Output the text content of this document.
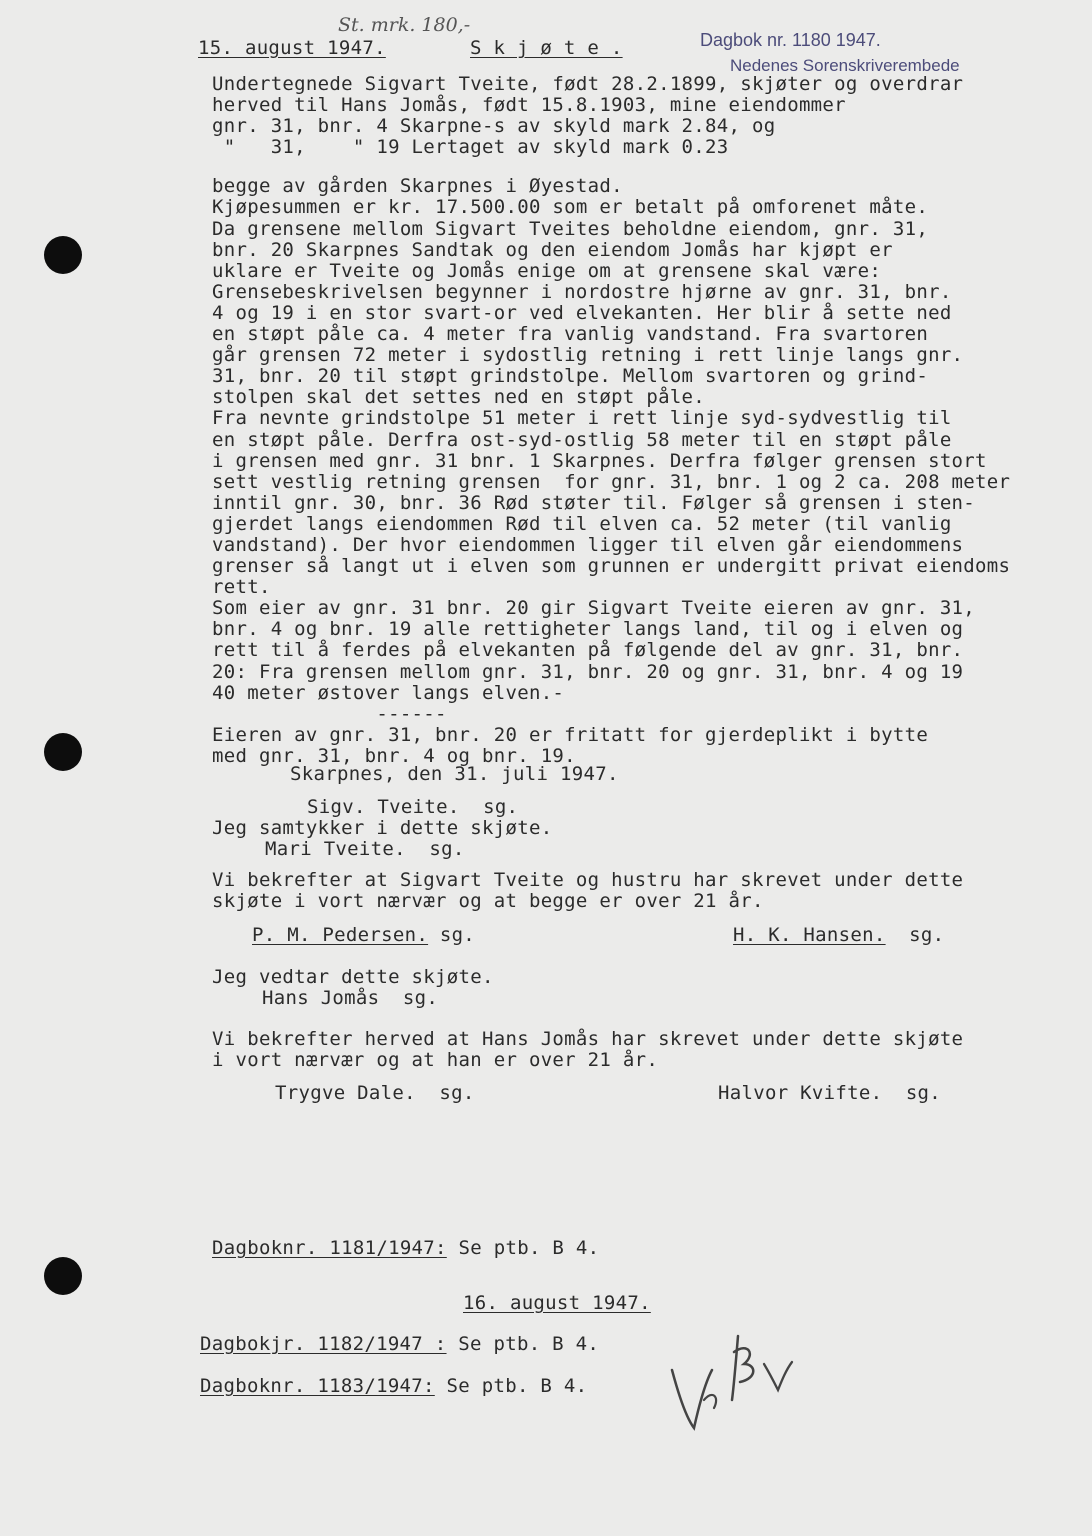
St. mrk. 180,-
15. august 1947.	S k j ø t e .	Dagbok nr. 1180 1947.
Nedenes Sorenskriverembede
Undertegnede Sigvart Tveite, født 28.2.1899, skjøter og overdrar
herved til Hans Jomås, født 15.8.1903, mine eiendommer
gnr. 31, bnr. 4 Skarpne-s av skyld mark 2.84, og
"   31,    " 19 Lertaget av skyld mark 0.23
begge av gården Skarpnes i Øyestad.
Kjøpesummen er kr. 17.500.00 som er betalt på omforenet måte.
Da grensene mellom Sigvart Tveites beholdne eiendom, gnr. 31,
bnr. 20 Skarpnes Sandtak og den eiendom Jomås har kjøpt er
uklare er Tveite og Jomås enige om at grensene skal være:
Grensebeskrivelsen begynner i nordostre hjørne av gnr. 31, bnr.
4 og 19 i en stor svart-or ved elvekanten. Her blir å sette ned
en støpt påle ca. 4 meter fra vanlig vandstand. Fra svartoren
går grensen 72 meter i sydostlig retning i rett linje langs gnr.
31, bnr. 20 til støpt grindstolpe. Mellom svartoren og grind-
stolpen skal det settes ned en støpt påle.
Fra nevnte grindstolpe 51 meter i rett linje syd-sydvestlig til
en støpt påle. Derfra ost-syd-ostlig 58 meter til en støpt påle
i grensen med gnr. 31 bnr. 1 Skarpnes. Derfra følger grensen stort
sett vestlig retning grensen  for gnr. 31, bnr. 1 og 2 ca. 208 meter
inntil gnr. 30, bnr. 36 Rød støter til. Følger så grensen i sten-
gjerdet langs eiendommen Rød til elven ca. 52 meter (til vanlig
vandstand). Der hvor eiendommen ligger til elven går eiendommens
grenser så langt ut i elven som grunnen er undergitt privat eiendoms
rett.
Som eier av gnr. 31 bnr. 20 gir Sigvart Tveite eieren av gnr. 31,
bnr. 4 og bnr. 19 alle rettigheter langs land, til og i elven og
rett til å ferdes på elvekanten på følgende del av gnr. 31, bnr.
20: Fra grensen mellom gnr. 31, bnr. 20 og gnr. 31, bnr. 4 og 19
40 meter østover langs elven.-
------
Eieren av gnr. 31, bnr. 20 er fritatt for gjerdeplikt i bytte
med gnr. 31, bnr. 4 og bnr. 19.
Skarpnes, den 31. juli 1947.
Sigv. Tveite.  sg.
Jeg samtykker i dette skjøte.
Mari Tveite.  sg.
Vi bekrefter at Sigvart Tveite og hustru har skrevet under dette
skjøte i vort nærvær og at begge er over 21 år.
P. M. Pedersen. sg.	H. K. Hansen.  sg.
Jeg vedtar dette skjøte.
Hans Jomås  sg.
Vi bekrefter herved at Hans Jomås har skrevet under dette skjøte
i vort nærvær og at han er over 21 år.
Trygve Dale.  sg.	Halvor Kvifte.  sg.
Dagboknr. 1181/1947: Se ptb. B 4.
16. august 1947.
Dagbokjr. 1182/1947 : Se ptb. B 4.
Dagboknr. 1183/1947: Se ptb. B 4.
